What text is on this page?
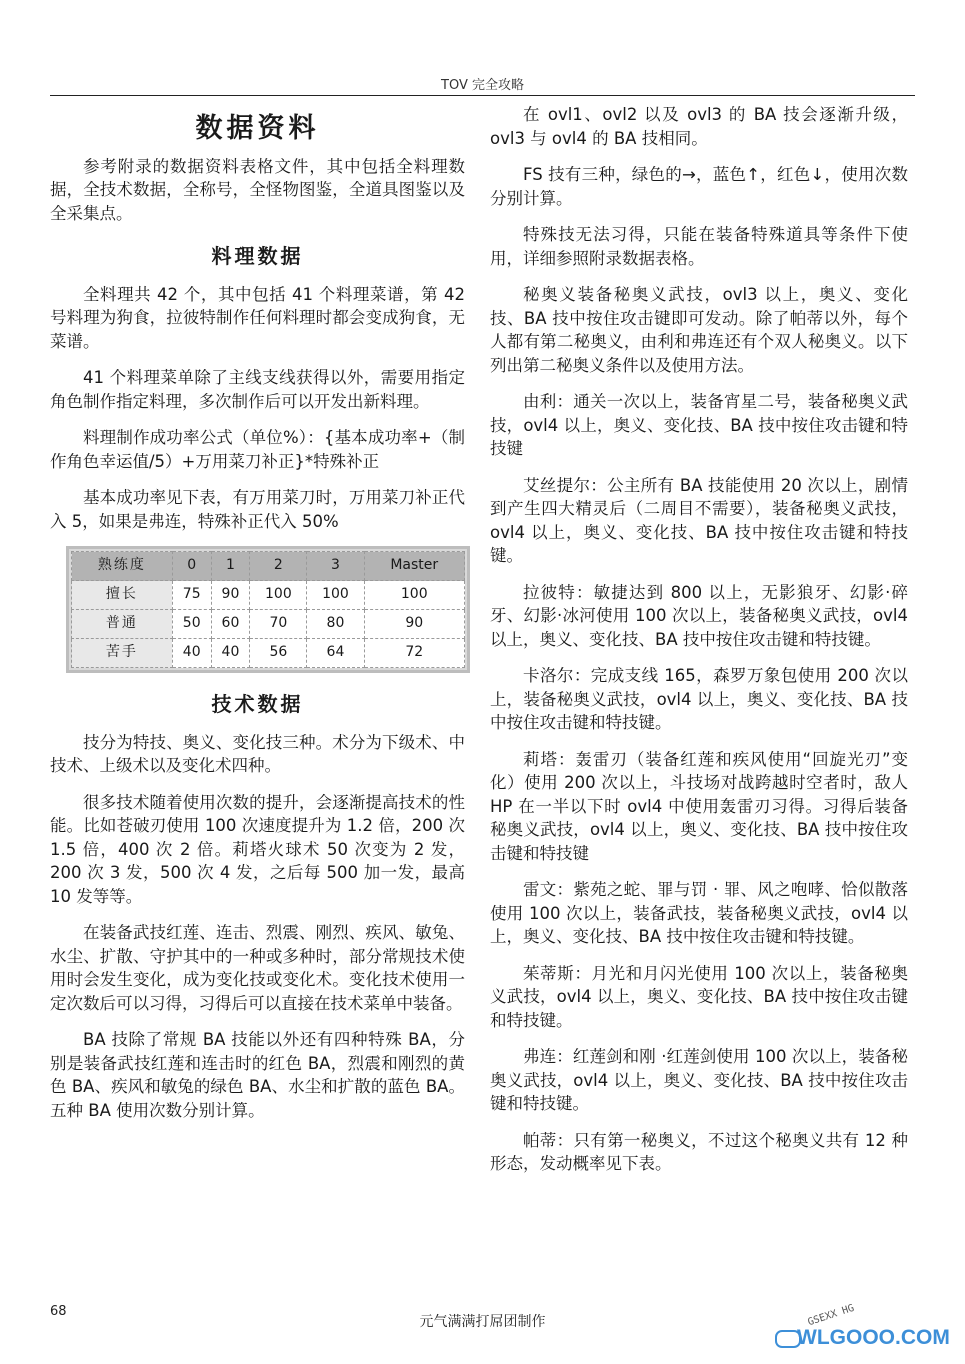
TOV 完全攻略
数据资料

参考附录的数据资料表格文件，其中包括全料理数据，全技术数据，全称号，全怪物图鉴，全道具图鉴以及全采集点。

料理数据

全料理共 42 个，其中包括 41 个料理菜谱，第 42 号料理为狗食，拉彼特制作任何料理时都会变成狗食，无菜谱。

41 个料理菜单除了主线支线获得以外，需要用指定角色制作指定料理，多次制作后可以开发出新料理。

料理制作成功率公式（单位%）：{基本成功率+（制作角色幸运值/5）+万用菜刀补正}*特殊补正

基本成功率见下表，有万用菜刀时，万用菜刀补正代入 5，如果是弗连，特殊补正代入 50%

熟练度	0	1	2	3	Master
擅长	75	90	100	100	100
普通	50	60	70	80	90
苦手	40	40	56	64	72
技术数据

技分为特技、奥义、变化技三种。术分为下级术、中技术、上级术以及变化术四种。

很多技术随着使用次数的提升，会逐渐提高技术的性能。比如苍破刃使用 100 次速度提升为 1.2 倍，200 次 1.5 倍，400 次 2 倍。莉塔火球术 50 次变为 2 发，200 次 3 发，500 次 4 发，之后每 500 加一发，最高 10 发等等。

在装备武技红莲、连击、烈震、刚烈、疾风、敏兔、水尘、扩散、守护其中的一种或多种时，部分常规技术使用时会发生变化，成为变化技或变化术。变化技术使用一定次数后可以习得，习得后可以直接在技术菜单中装备。

BA 技除了常规 BA 技能以外还有四种特殊 BA，分别是装备武技红莲和连击时的红色 BA，烈震和刚烈的黄色 BA、疾风和敏兔的绿色 BA、水尘和扩散的蓝色 BA。五种 BA 使用次数分别计算。

在 ovl1、ovl2 以及 ovl3 的 BA 技会逐渐升级，ovl3 与 ovl4 的 BA 技相同。

FS 技有三种，绿色的→，蓝色↑，红色↓，使用次数分别计算。

特殊技无法习得，只能在装备特殊道具等条件下使用，详细参照附录数据表格。

秘奥义装备秘奥义武技，ovl3 以上，奥义、变化技、BA 技中按住攻击键即可发动。除了帕蒂以外，每个人都有第二秘奥义，由利和弗连还有个双人秘奥义。以下列出第二秘奥义条件以及使用方法。

由利：通关一次以上，装备宵星二号，装备秘奥义武技，ovl4 以上，奥义、变化技、BA 技中按住攻击键和特技键

艾丝提尔：公主所有 BA 技能使用 20 次以上，剧情到产生四大精灵后（二周目不需要），装备秘奥义武技，ovl4 以上，奥义、变化技、BA 技中按住攻击键和特技键。

拉彼特：敏捷达到 800 以上，无影狼牙、幻影·碎牙、幻影·冰河使用 100 次以上，装备秘奥义武技，ovl4 以上，奥义、变化技、BA 技中按住攻击键和特技键。

卡洛尔：完成支线 165，森罗万象包使用 200 次以上，装备秘奥义武技，ovl4 以上，奥义、变化技、BA 技中按住攻击键和特技键。

莉塔：轰雷刃（装备红莲和疾风使用“回旋光刃”变化）使用 200 次以上，斗技场对战跨越时空者时，敌人 HP 在一半以下时 ovl4 中使用轰雷刃习得。习得后装备秘奥义武技，ovl4 以上，奥义、变化技、BA 技中按住攻击键和特技键

雷文：紫苑之蛇、罪与罚 · 罪、风之咆哮、恰似散落使用 100 次以上，装备武技，装备秘奥义武技，ovl4 以上，奥义、变化技、BA 技中按住攻击键和特技键。

茱蒂斯：月光和月闪光使用 100 次以上，装备秘奥义武技，ovl4 以上，奥义、变化技、BA 技中按住攻击键和特技键。

弗连：红莲剑和刚 ·红莲剑使用 100 次以上，装备秘奥义武技，ovl4 以上，奥义、变化技、BA 技中按住攻击键和特技键。

帕蒂：只有第一秘奥义，不过这个秘奥义共有 12 种形态，发动概率见下表。

68
元气满满打屌团制作	GSEXX HG
WLGOOO.COM
